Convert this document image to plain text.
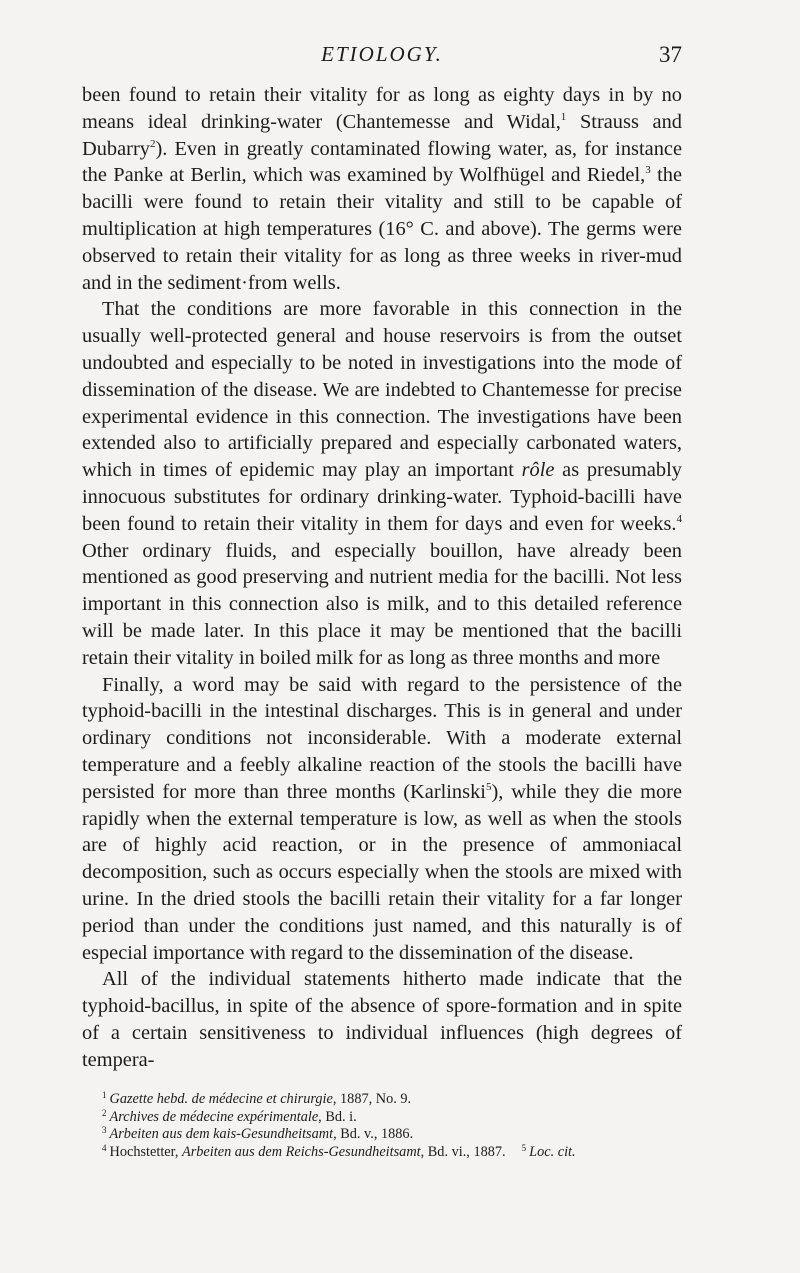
ETIOLOGY.	37

been found to retain their vitality for as long as eighty days in by no means ideal drinking-water (Chantemesse and Widal,$^1$ Strauss and Dubarry$^2$). Even in greatly contaminated flowing water, as, for instance the Panke at Berlin, which was examined by Wolfhügel and Riedel,$^3$ the bacilli were found to retain their vitality and still to be capable of multiplication at high temperatures (16° C. and above). The germs were observed to retain their vitality for as long as three weeks in river-mud and in the sediment·from wells.

That the conditions are more favorable in this connection in the usually well-protected general and house reservoirs is from the outset undoubted and especially to be noted in investigations into the mode of dissemination of the disease. We are indebted to Chantemesse for precise experimental evidence in this connection. The investigations have been extended also to artificially prepared and especially carbonated waters, which in times of epidemic may play an important rôle as presumably innocuous substitutes for ordinary drinking-water. Typhoid-bacilli have been found to retain their vitality in them for days and even for weeks.$^4$ Other ordinary fluids, and especially bouillon, have already been mentioned as good preserving and nutrient media for the bacilli. Not less important in this connection also is milk, and to this detailed reference will be made later. In this place it may be mentioned that the bacilli retain their vitality in boiled milk for as long as three months and more

Finally, a word may be said with regard to the persistence of the typhoid-bacilli in the intestinal discharges. This is in general and under ordinary conditions not inconsiderable. With a moderate external temperature and a feebly alkaline reaction of the stools the bacilli have persisted for more than three months (Karlinski$^5$), while they die more rapidly when the external temperature is low, as well as when the stools are of highly acid reaction, or in the presence of ammoniacal decomposition, such as occurs especially when the stools are mixed with urine. In the dried stools the bacilli retain their vitality for a far longer period than under the conditions just named, and this naturally is of especial importance with regard to the dissemination of the disease.

All of the individual statements hitherto made indicate that the typhoid-bacillus, in spite of the absence of spore-formation and in spite of a certain sensitiveness to individual influences (high degrees of tempera-

$^1$ Gazette hebd. de médecine et chirurgie, 1887, No. 9.
$^2$ Archives de médecine expérimentale, Bd. i.
$^3$ Arbeiten aus dem kais-Gesundheitsamt, Bd. v., 1886.
$^4$ Hochstetter, Arbeiten aus dem Reichs-Gesundheitsamt, Bd. vi., 1887. $^5$ Loc. cit.
